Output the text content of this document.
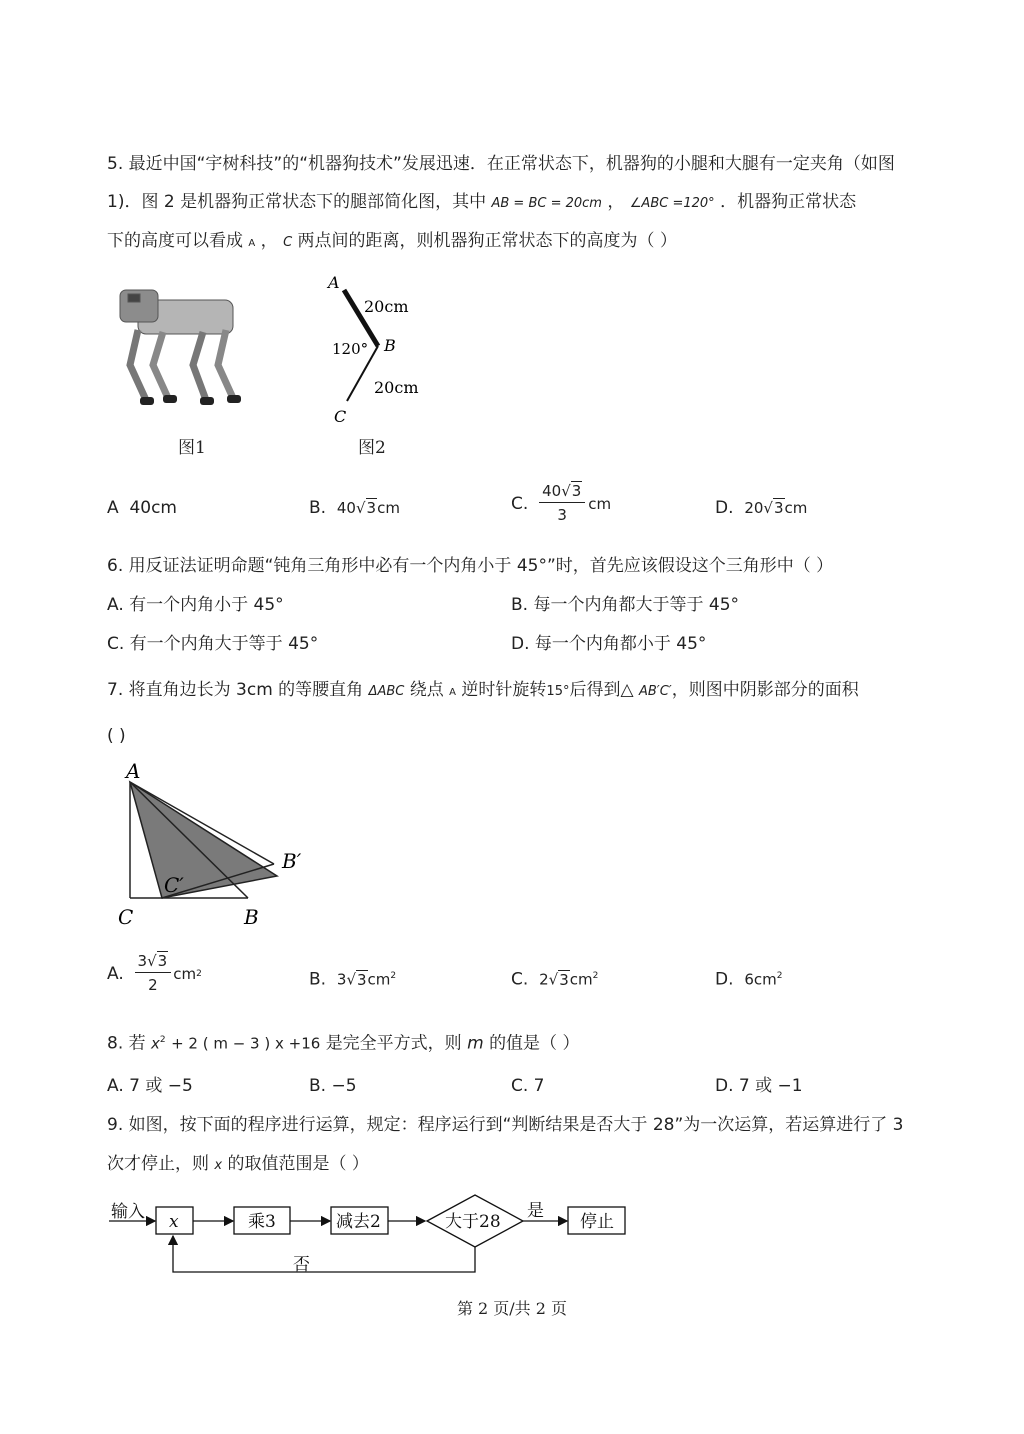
5. 最近中国“宇树科技”的“机器狗技术”发展迅速．在正常状态下，机器狗的小腿和大腿有一定夹角（如图
1)．图 2 是机器狗正常状态下的腿部简化图，其中 AB = BC = 20cm ， ∠ABC =120° ．机器狗正常状态
下的高度可以看成 A ， C 两点间的距离，则机器狗正常状态下的高度为（ ）
图1
A
20cm
120° B
20cm
C
图2
A 40cm	B. 40√3cm	C.
$\frac{40√3}{3}$ cm	D. 20√3cm
6. 用反证法证明命题“钝角三角形中必有一个内角小于 45°”时，首先应该假设这个三角形中（ ）
A. 有一个内角小于 45°	B. 每一个内角都大于等于 45°
C. 有一个内角大于等于 45°	D. 每一个内角都小于 45°
7. 将直角边长为 3cm 的等腰直角 ΔABC 绕点 A 逆时针旋转15°后得到△ AB′C′，则图中阴影部分的面积
( )
A
C′
B′
C	B
A.
$\frac{3√3}{2}$ cm 2	B. $3√3cm^2$	C. $2√3cm^2$	D. $6cm^2$
8. 若 $x^2 + 2$ ( m − 3 ) x +16 是完全平方式，则 m 的值是（ ）
A. 7 或 −5	B. −5	C. 7	D. 7 或 −1
9. 如图，按下面的程序进行运算，规定：程序运行到“判断结果是否大于 28”为一次运算，若运算进行了 3
次才停止，则 x 的取值范围是（ ）
输入 x	乘3	减去2	大于28
是
停止
否
第 2 页/共 2 页
